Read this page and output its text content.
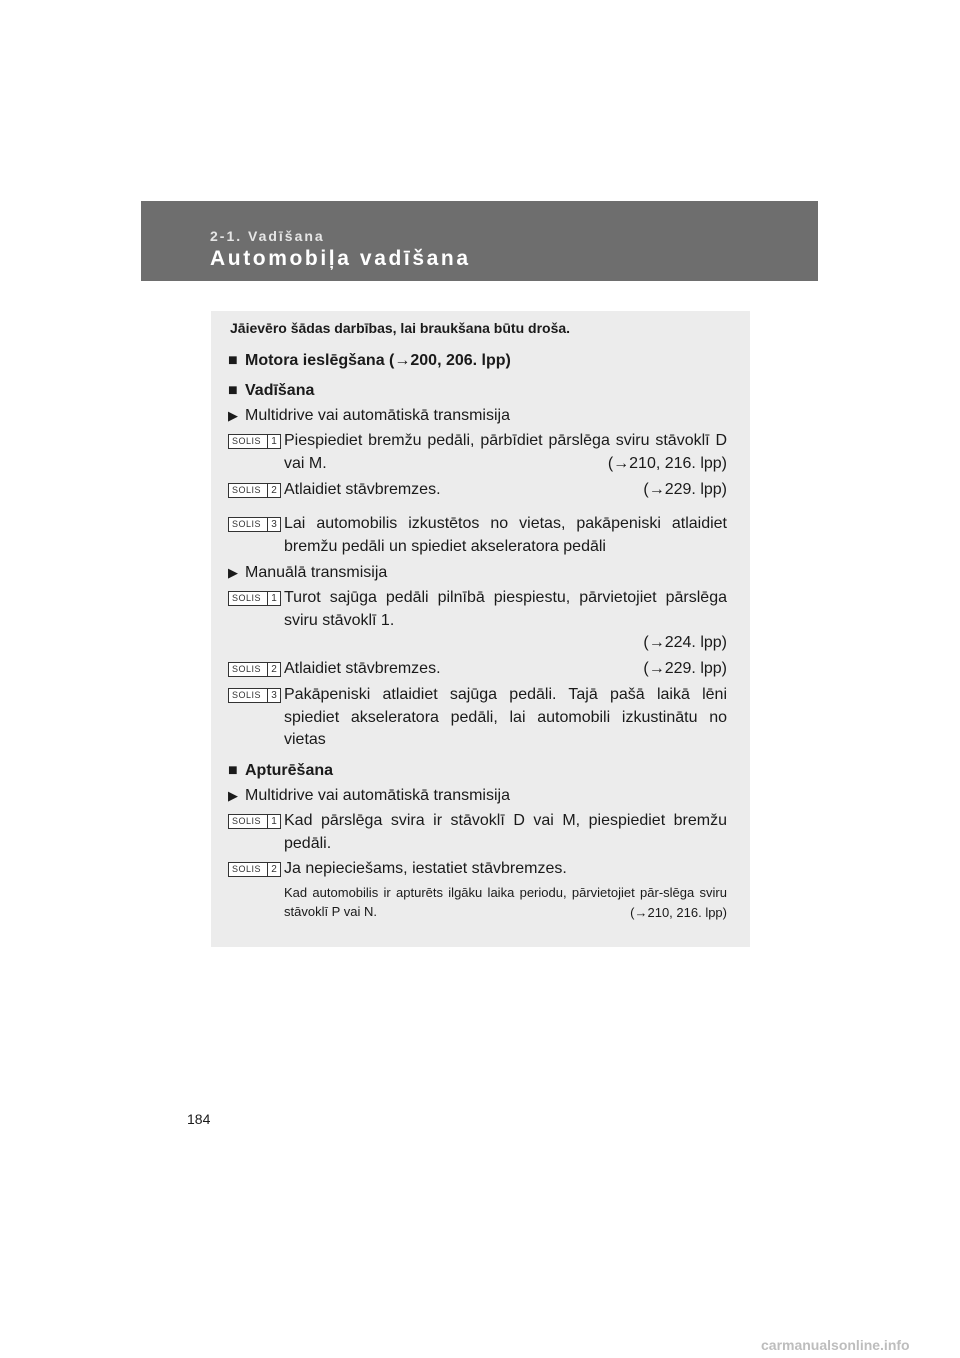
2-1. Vadīšana
Automobiļa vadīšana
Jāievēro šādas darbības, lai braukšana būtu droša.
■ Motora ieslēgšana (→200, 206. lpp)
■ Vadīšana
▶ Multidrive vai automātiskā transmisija
SOLIS	1 Piespiediet bremžu pedāli, pārbīdiet pārslēga sviru stāvoklī D vai M.	(→210, 216. lpp)
SOLIS	2 Atlaidiet stāvbremzes.	(→229. lpp)
SOLIS	3 Lai automobilis izkustētos no vietas, pakāpeniski atlaidiet bremžu pedāli un spiediet akseleratora pedāli
▶ Manuālā transmisija
SOLIS	1 Turot sajūga pedāli pilnībā piespiestu, pārvietojiet pārslēga sviru stāvoklī 1.
(→224. lpp)
SOLIS	2 Atlaidiet stāvbremzes.	(→229. lpp)
SOLIS	3 Pakāpeniski atlaidiet sajūga pedāli. Tajā pašā laikā lēni spiediet akseleratora pedāli, lai automobili izkustinātu no vietas
■ Apturēšana
▶ Multidrive vai automātiskā transmisija
SOLIS	1 Kad pārslēga svira ir stāvoklī D vai M, piespiediet bremžu pedāli.
SOLIS	2 Ja nepieciešams, iestatiet stāvbremzes.
Kad automobilis ir apturēts ilgāku laika periodu, pārvietojiet pār-slēga sviru stāvoklī P vai N.	(→210, 216. lpp)
184
carmanualsonline.info
